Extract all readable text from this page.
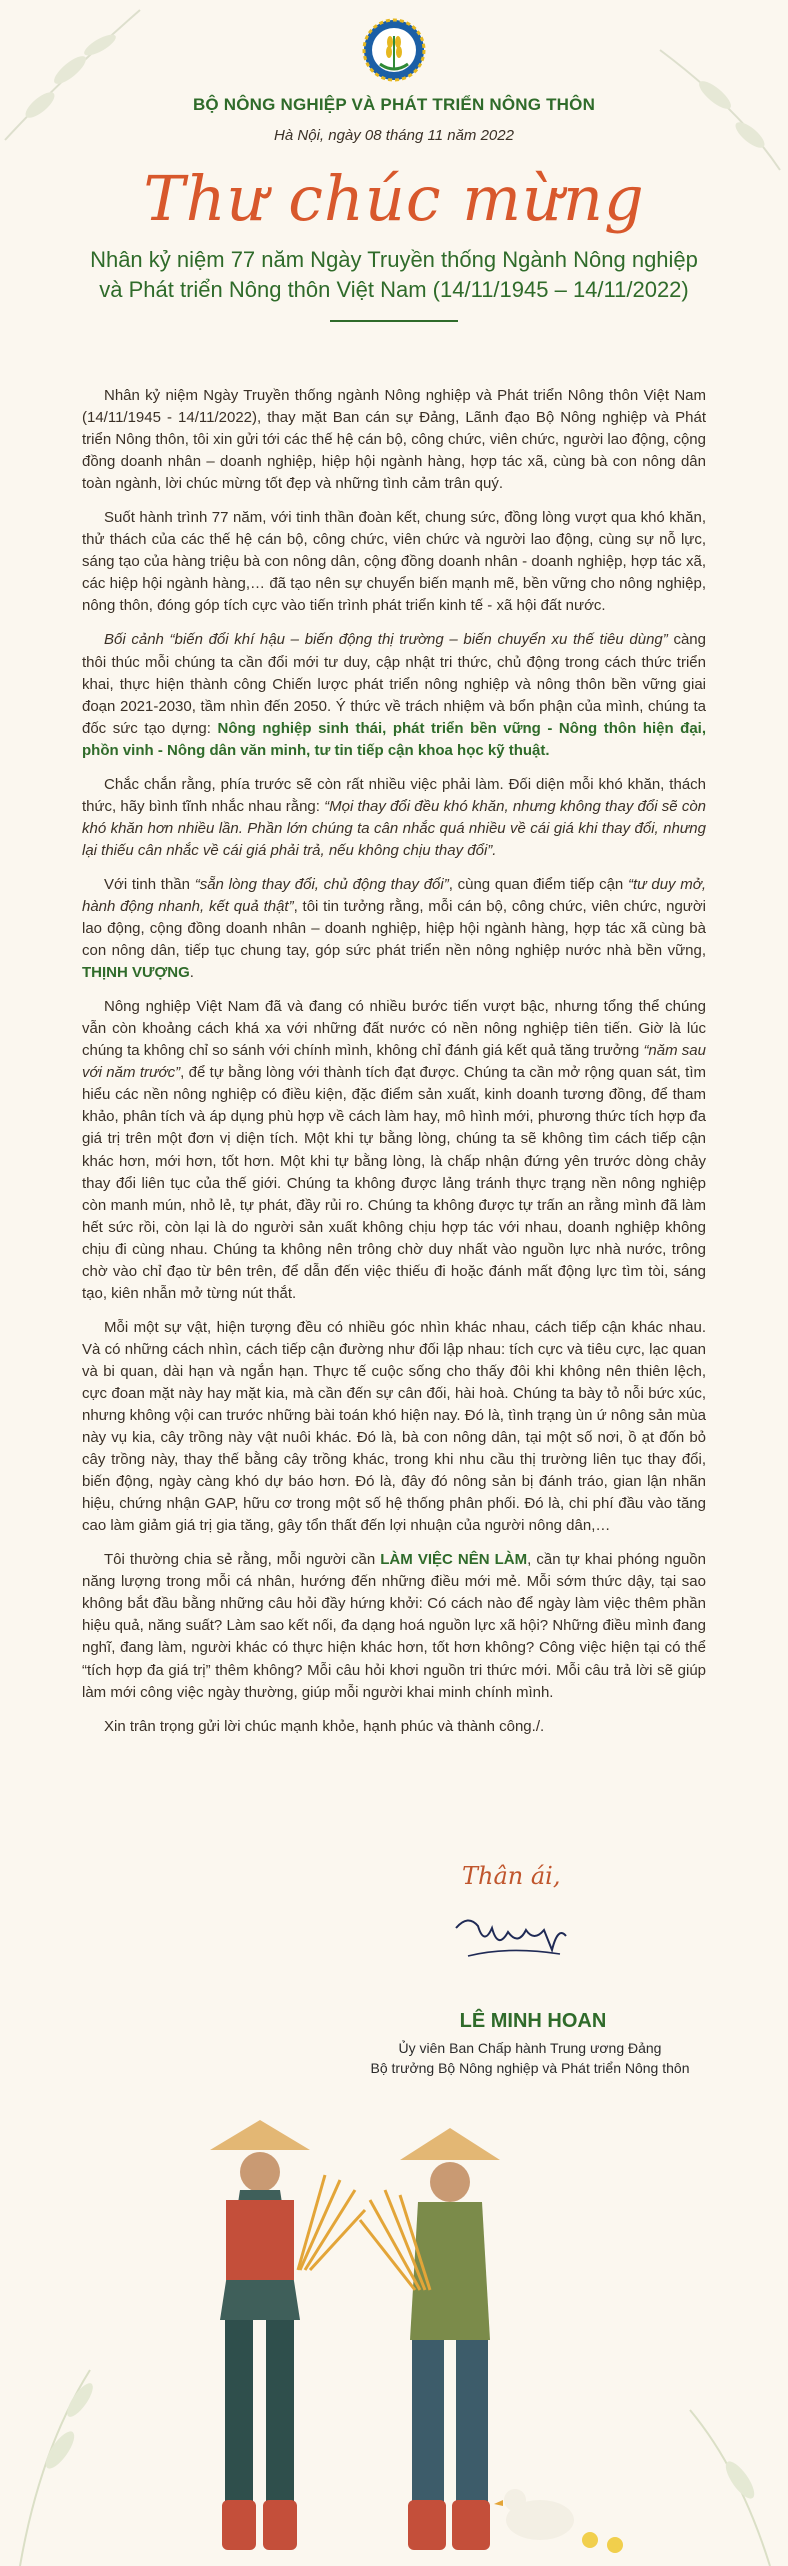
BỘ NÔNG NGHIỆP VÀ PHÁT TRIỂN NÔNG THÔN
Hà Nội, ngày 08 tháng 11 năm 2022
Thư chúc mừng
Nhân kỷ niệm 77 năm Ngày Truyền thống Ngành Nông nghiệp
và Phát triển Nông thôn Việt Nam (14/11/1945 – 14/11/2022)

Nhân kỷ niệm Ngày Truyền thống ngành Nông nghiệp và Phát triển Nông thôn Việt Nam (14/11/1945 - 14/11/2022), thay mặt Ban cán sự Đảng, Lãnh đạo Bộ Nông nghiệp và Phát triển Nông thôn, tôi xin gửi tới các thế hệ cán bộ, công chức, viên chức, người lao động, cộng đồng doanh nhân – doanh nghiệp, hiệp hội ngành hàng, hợp tác xã, cùng bà con nông dân toàn ngành, lời chúc mừng tốt đẹp và những tình cảm trân quý.

Suốt hành trình 77 năm, với tinh thần đoàn kết, chung sức, đồng lòng vượt qua khó khăn, thử thách của các thế hệ cán bộ, công chức, viên chức và người lao động, cùng sự nỗ lực, sáng tạo của hàng triệu bà con nông dân, cộng đồng doanh nhân - doanh nghiệp, hợp tác xã, các hiệp hội ngành hàng,… đã tạo nên sự chuyển biến mạnh mẽ, bền vững cho nông nghiệp, nông thôn, đóng góp tích cực vào tiến trình phát triển kinh tế - xã hội đất nước.

Bối cảnh “biến đổi khí hậu – biến động thị trường – biến chuyển xu thế tiêu dùng” càng thôi thúc mỗi chúng ta cần đổi mới tư duy, cập nhật tri thức, chủ động trong cách thức triển khai, thực hiện thành công Chiến lược phát triển nông nghiệp và nông thôn bền vững giai đoạn 2021-2030, tầm nhìn đến 2050. Ý thức về trách nhiệm và bổn phận của mình, chúng ta đốc sức tạo dựng: Nông nghiệp sinh thái, phát triển bền vững - Nông thôn hiện đại, phồn vinh - Nông dân văn minh, tư tin tiếp cận khoa học kỹ thuật.

Chắc chắn rằng, phía trước sẽ còn rất nhiều việc phải làm. Đối diện mỗi khó khăn, thách thức, hãy bình tĩnh nhắc nhau rằng: “Mọi thay đổi đều khó khăn, nhưng không thay đổi sẽ còn khó khăn hơn nhiều lần. Phần lớn chúng ta cân nhắc quá nhiều về cái giá khi thay đổi, nhưng lại thiếu cân nhắc về cái giá phải trả, nếu không chịu thay đổi”.

Với tinh thần “sẵn lòng thay đổi, chủ động thay đổi”, cùng quan điểm tiếp cận “tư duy mở, hành động nhanh, kết quả thật”, tôi tin tưởng rằng, mỗi cán bộ, công chức, viên chức, người lao động, cộng đồng doanh nhân – doanh nghiệp, hiệp hội ngành hàng, hợp tác xã cùng bà con nông dân, tiếp tục chung tay, góp sức phát triển nền nông nghiệp nước nhà bền vững, THỊNH VƯỢNG.

Nông nghiệp Việt Nam đã và đang có nhiều bước tiến vượt bậc, nhưng tổng thể chúng vẫn còn khoảng cách khá xa với những đất nước có nền nông nghiệp tiên tiến. Giờ là lúc chúng ta không chỉ so sánh với chính mình, không chỉ đánh giá kết quả tăng trưởng “năm sau với năm trước”, để tự bằng lòng với thành tích đạt được. Chúng ta cần mở rộng quan sát, tìm hiểu các nền nông nghiệp có điều kiện, đặc điểm sản xuất, kinh doanh tương đồng, để tham khảo, phân tích và áp dụng phù hợp về cách làm hay, mô hình mới, phương thức tích hợp đa giá trị trên một đơn vị diện tích. Một khi tự bằng lòng, chúng ta sẽ không tìm cách tiếp cận khác hơn, mới hơn, tốt hơn. Một khi tự bằng lòng, là chấp nhận đứng yên trước dòng chảy thay đổi liên tục của thế giới. Chúng ta không được lảng tránh thực trạng nền nông nghiệp còn manh mún, nhỏ lẻ, tự phát, đầy rủi ro. Chúng ta không được tự trấn an rằng mình đã làm hết sức rồi, còn lại là do người sản xuất không chịu hợp tác với nhau, doanh nghiệp không chịu đi cùng nhau. Chúng ta không nên trông chờ duy nhất vào nguồn lực nhà nước, trông chờ vào chỉ đạo từ bên trên, để dẫn đến việc thiếu đi hoặc đánh mất động lực tìm tòi, sáng tạo, kiên nhẫn mở từng nút thắt.

Mỗi một sự vật, hiện tượng đều có nhiều góc nhìn khác nhau, cách tiếp cận khác nhau. Và có những cách nhìn, cách tiếp cận đường như đối lập nhau: tích cực và tiêu cực, lạc quan và bi quan, dài hạn và ngắn hạn. Thực tế cuộc sống cho thấy đôi khi không nên thiên lệch, cực đoan mặt này hay mặt kia, mà cần đến sự cân đối, hài hoà. Chúng ta bày tỏ nỗi bức xúc, nhưng không vội can trước những bài toán khó hiện nay. Đó là, tình trạng ùn ứ nông sản mùa này vụ kia, cây trồng này vật nuôi khác. Đó là, bà con nông dân, tại một số nơi, ồ ạt đốn bỏ cây trồng này, thay thế bằng cây trồng khác, trong khi nhu cầu thị trường liên tục thay đổi, biến động, ngày càng khó dự báo hơn. Đó là, đây đó nông sản bị đánh tráo, gian lận nhãn hiệu, chứng nhận GAP, hữu cơ trong một số hệ thống phân phối. Đó là, chi phí đầu vào tăng cao làm giảm giá trị gia tăng, gây tổn thất đến lợi nhuận của người nông dân,…

Tôi thường chia sẻ rằng, mỗi người cần LÀM VIỆC NÊN LÀM, cần tự khai phóng nguồn năng lượng trong mỗi cá nhân, hướng đến những điều mới mẻ. Mỗi sớm thức dậy, tại sao không bắt đầu bằng những câu hỏi đầy hứng khởi: Có cách nào để ngày làm việc thêm phần hiệu quả, năng suất? Làm sao kết nối, đa dạng hoá nguồn lực xã hội? Những điều mình đang nghĩ, đang làm, người khác có thực hiện khác hơn, tốt hơn không? Công việc hiện tại có thể “tích hợp đa giá trị” thêm không? Mỗi câu hỏi khơi nguồn tri thức mới. Mỗi câu trả lời sẽ giúp làm mới công việc ngày thường, giúp mỗi người khai minh chính mình.

Xin trân trọng gửi lời chúc mạnh khỏe, hạnh phúc và thành công./.

Thân ái,
LÊ MINH HOAN
Ủy viên Ban Chấp hành Trung ương Đảng
Bộ trưởng Bộ Nông nghiệp và Phát triển Nông thôn
